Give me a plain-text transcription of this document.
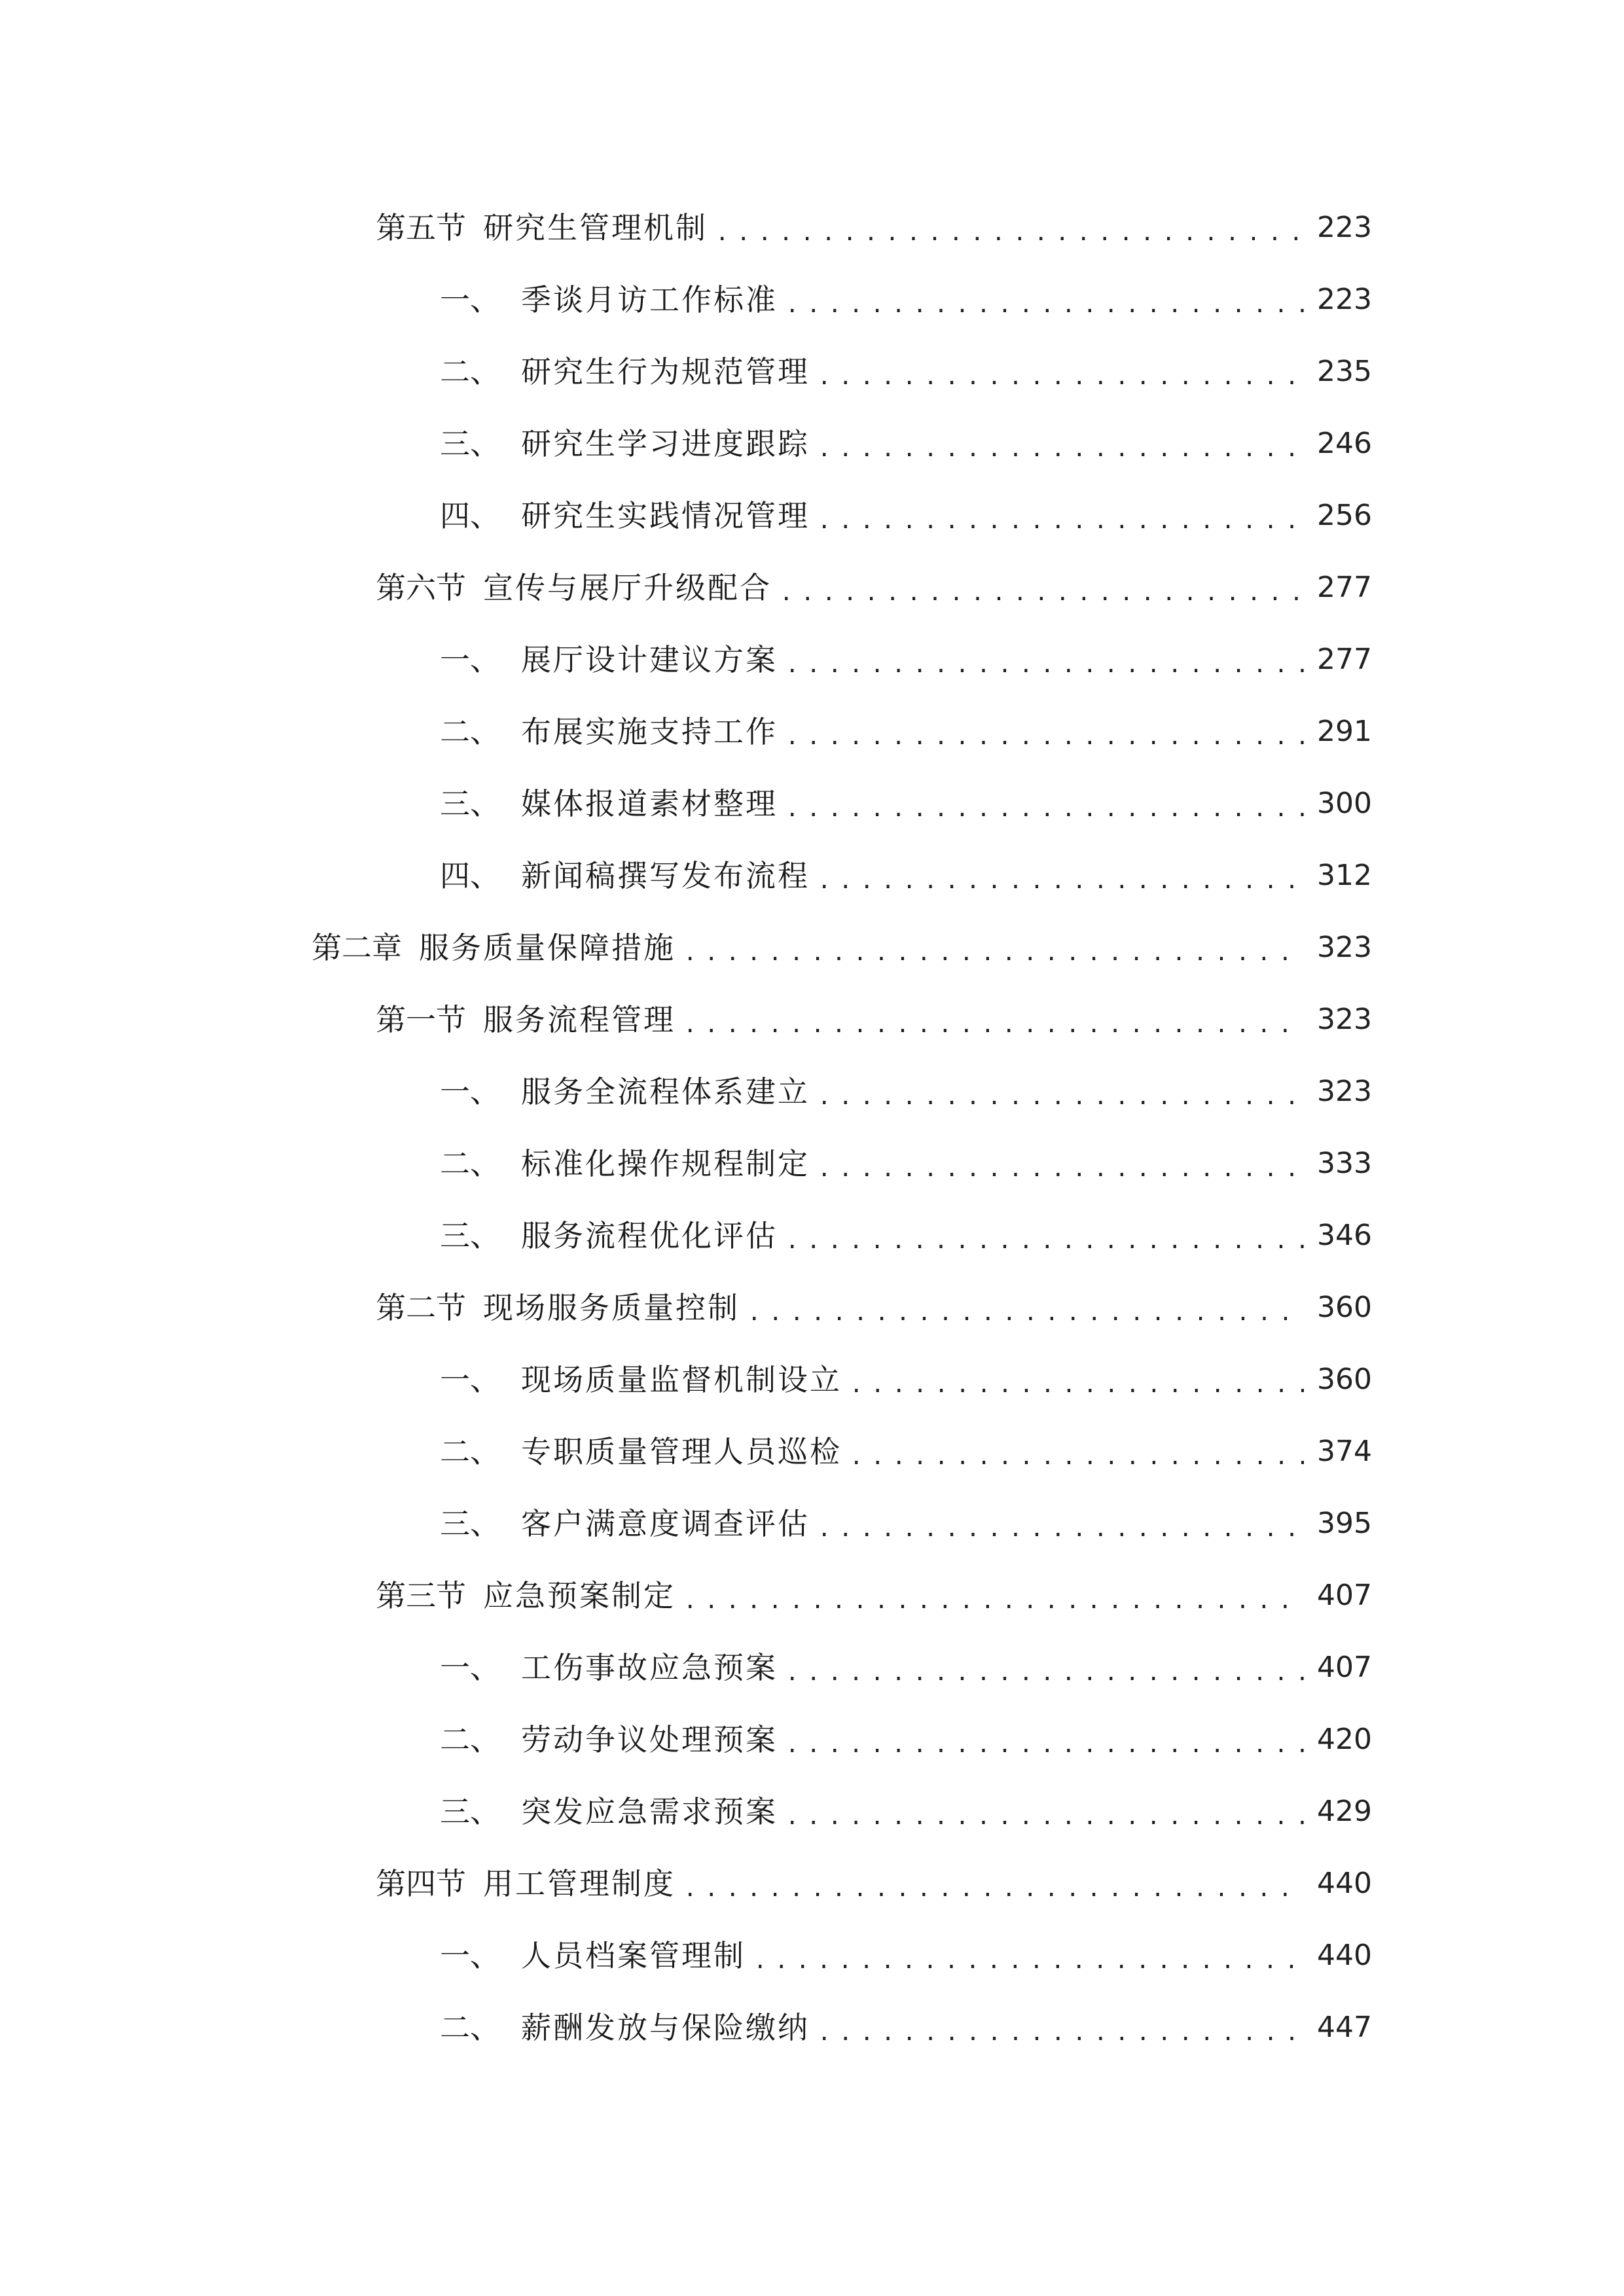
第五节 研究生管理机制 .....	223
一、 季谈月访工作标准 .....	223
二、 研究生行为规范管理 .....	235
三、 研究生学习进度跟踪 .....	246
四、 研究生实践情况管理 .....	256
第六节 宣传与展厅升级配合 .....	277
一、 展厅设计建议方案 .....	277
二、 布展实施支持工作 .....	291
三、 媒体报道素材整理 .....	300
四、 新闻稿撰写发布流程 .....	312
第二章 服务质量保障措施 .....	323
第一节 服务流程管理 .....	323
一、 服务全流程体系建立 .....	323
二、 标准化操作规程制定 .....	333
三、 服务流程优化评估 .....	346
第二节 现场服务质量控制 .....	360
一、 现场质量监督机制设立 .....	360
二、 专职质量管理人员巡检 .....	374
三、 客户满意度调查评估 .....	395
第三节 应急预案制定 .....	407
一、 工伤事故应急预案 .....	407
二、 劳动争议处理预案 .....	420
三、 突发应急需求预案 .....	429
第四节 用工管理制度 .....	440
一、 人员档案管理制 .....	440
二、 薪酬发放与保险缴纳 .....	447
